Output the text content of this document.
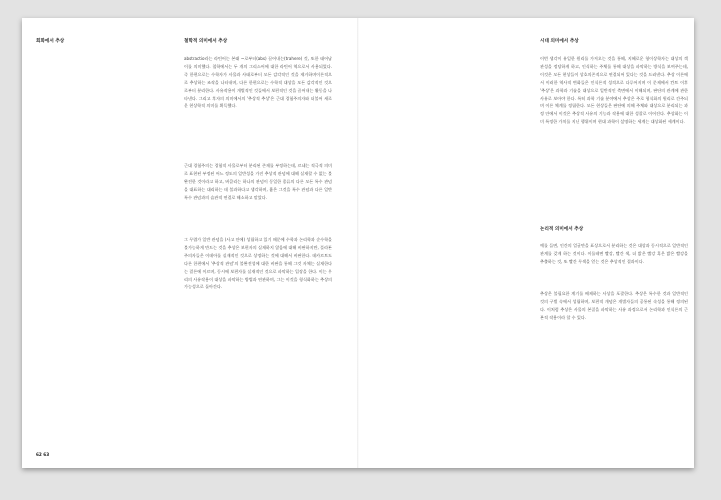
회화에서 추상	철학적 의미에서 추상

abstractio라는 라틴어는 본래 ~로부터(abs) 끌어내는(trahere) 것, 또한 태어남이를 의미했다. 철학에서는 두 개의 그리스어에 대한 라틴어 역으로서 사용되었다. 즉 한편으로는 수학자가 사물과 사태로부터 모든 감각적인 것을 제거하며이론적으로 추상하는 조작을 나타내며, 다른 한편으로는 수학적 대상을 모든 감각적인 것으로부터 분리한다. 사유작용이 개별적인 것들에서 보편적인 것을 끌어내는 활동을 나타낸다. 그리고 후자의 의미에서의 '추상적 추상'은 근대 경험주의자와 더불어 새로운 현상학적 의미를 획득했다.

근대 경험주의는 경험적 사물로부터 분리된 존재를 부정하는데, 르네는 적극적 의미로 표현된 부정된 어느 정도의 일반성을 가진 추상적 관념에 대해 실재할 수 없는 불완전한 것이라고 하고, 버클리는 하나의 관념이 동일한 종류의 다른 모든 특수 관념을 대표하는 대리하는 데 불과하다고 생각하며, 흄은 그것을 특수 관념과 다른 일반 특수 관념과의 습관적 연결로 해소하고 말았다.

그 무렵가 일반 관념을 (사고 안에) 성립하고 있기 때문에 수학과 논리학과 순수학을 불가능하게 만드는 것을 추상은 보편자의 실재하지 않음에 대해 비판하지만, 플라톤주의자들은 이데아를 실재적인 것으로 상정하는 것에 대해서 비판한다. 데카르트도 다른 한편에서 '추상적 관념'의 불완전성에 대한 비판을 통해 그것 자체는 실재한다는 결론에 이르며, 동시에 보편자를 실재적인 것으로 파악하는 입장을 한다. 이는 우리의 사유작용이 대상을 파악하는 방법과 연관하며, 그는 이것을 형식화하는 추상의 가능성으로 돌아간다.

62 63
시대 의미에서 추상

이번 생각이 유일한 원리를 가져오는 것을 통해, 지혜로운 형이상학자는 대상의 객관성을 정당하게 하고, 인식하는 주체를 통해 대상을 파악하는 방식을 보여주는데, 이것은 모든 현상들이 상호의존적으로 연결되어 있다는 것을 드러낸다. 추상 이론에서 이러한 역사적 변화들은 인식론적 성격으로 다루어지며 이 문제에서 칸트 이후 '추상'은 과학과 기술을 대상으로 일반적인 측면에서 이해되며, 판단의 관계에 관한 사유로 보아야 한다. 특히 과학 기술 분야에서 추상은 주로 형식화의 원리로 간주되며 이론 체계를 정립한다. 모든 현상들은 판단에 의해 주체와 대상으로 분리되는 과정 안에서 이것은 추상적 사유의 기능과 작용에 대한 성찰로 이어진다. 추상화는 이미 특정한 가치를 지닌 행위이며 현대 과학이 설명하는 세계는 대상화된 세계이다.

논리적 의미에서 추상

예를 들면, 인간의 얼굴만을 표상으로서 분리하는 것은 대상과 동시적으로 일반적인 관계를 갖게 하는 것이다. 이를테면 빨강, 빨간 색, 더 밝은 빨강 혹은 밝은 빨강을 추출하는 것, 또 빨간 무색을 얻는 것은 추상적인 결과이다.

추상은 불필요한 계기를 배제하는 사상을 포괄한다. 추상은 특수한 것과 일반적인 것의 구별 속에서 성립하며, 보편적 개념은 개별자들의 공통된 속성을 통해 정의된다. 이처럼 추상은 사물의 본질을 파악하는 사유 과정으로서 논리학과 인식론의 근본적 작용이라 할 수 있다.
